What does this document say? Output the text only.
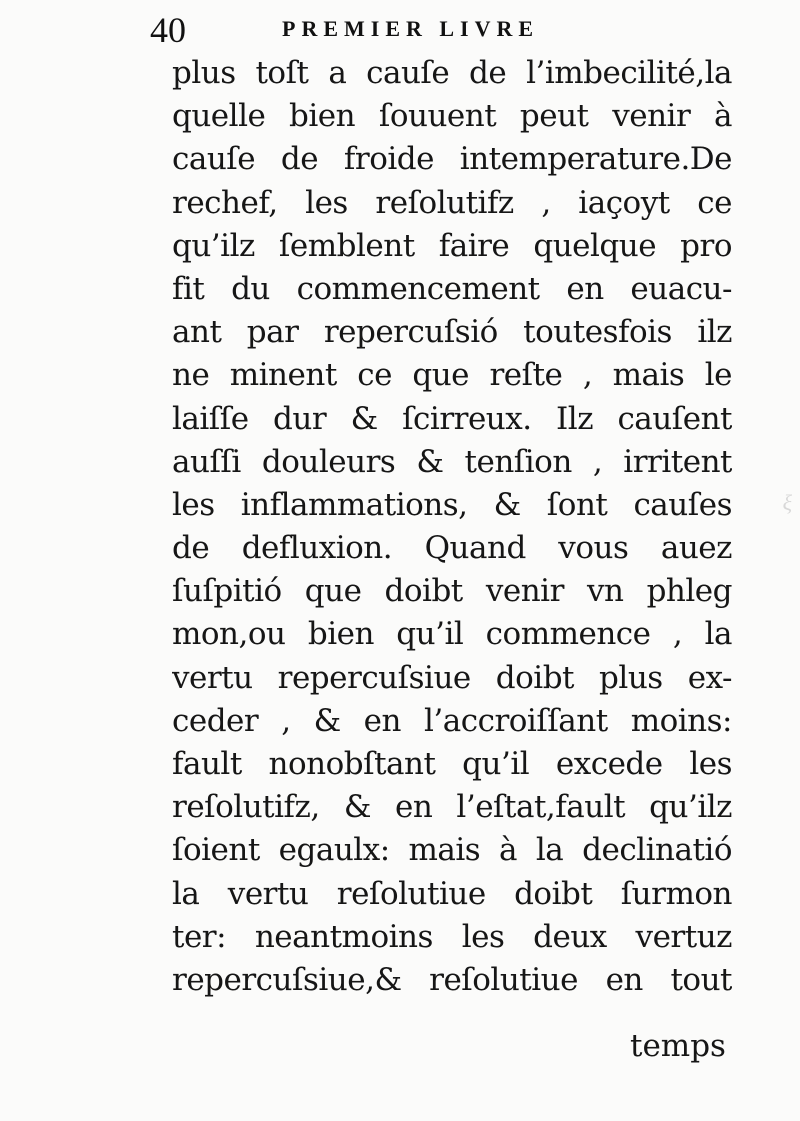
ξ
40	PREMIER LIVRE
plus toſt a cauſe de l’imbecilité,la
quelle bien ſouuent peut venir à
cauſe de froide intemperature.De
rechef, les reſolutifz , iaçoyt ce
qu’ilz ſemblent faire quelque pro
fit du commencement en euacu-
ant par repercuſsió toutesfois ilz
ne minent ce que reſte , mais le
laiſſe dur & ſcirreux. Ilz cauſent
auſſi douleurs & tenſion , irritent
les inflammations, & ſont cauſes
de defluxion. Quand vous auez
ſuſpitió que doibt venir vn phleg
mon,ou bien qu’il commence , la
vertu repercuſsiue doibt plus ex-
ceder , & en l’accroiſſant moins:
fault nonobſtant qu’il excede les
reſolutifz, & en l’eſtat,fault qu’ilz
ſoient egaulx: mais à la declinatió
la vertu reſolutiue doibt ſurmon
ter: neantmoins les deux vertuz
repercuſsiue,& reſolutiue en tout
temps
